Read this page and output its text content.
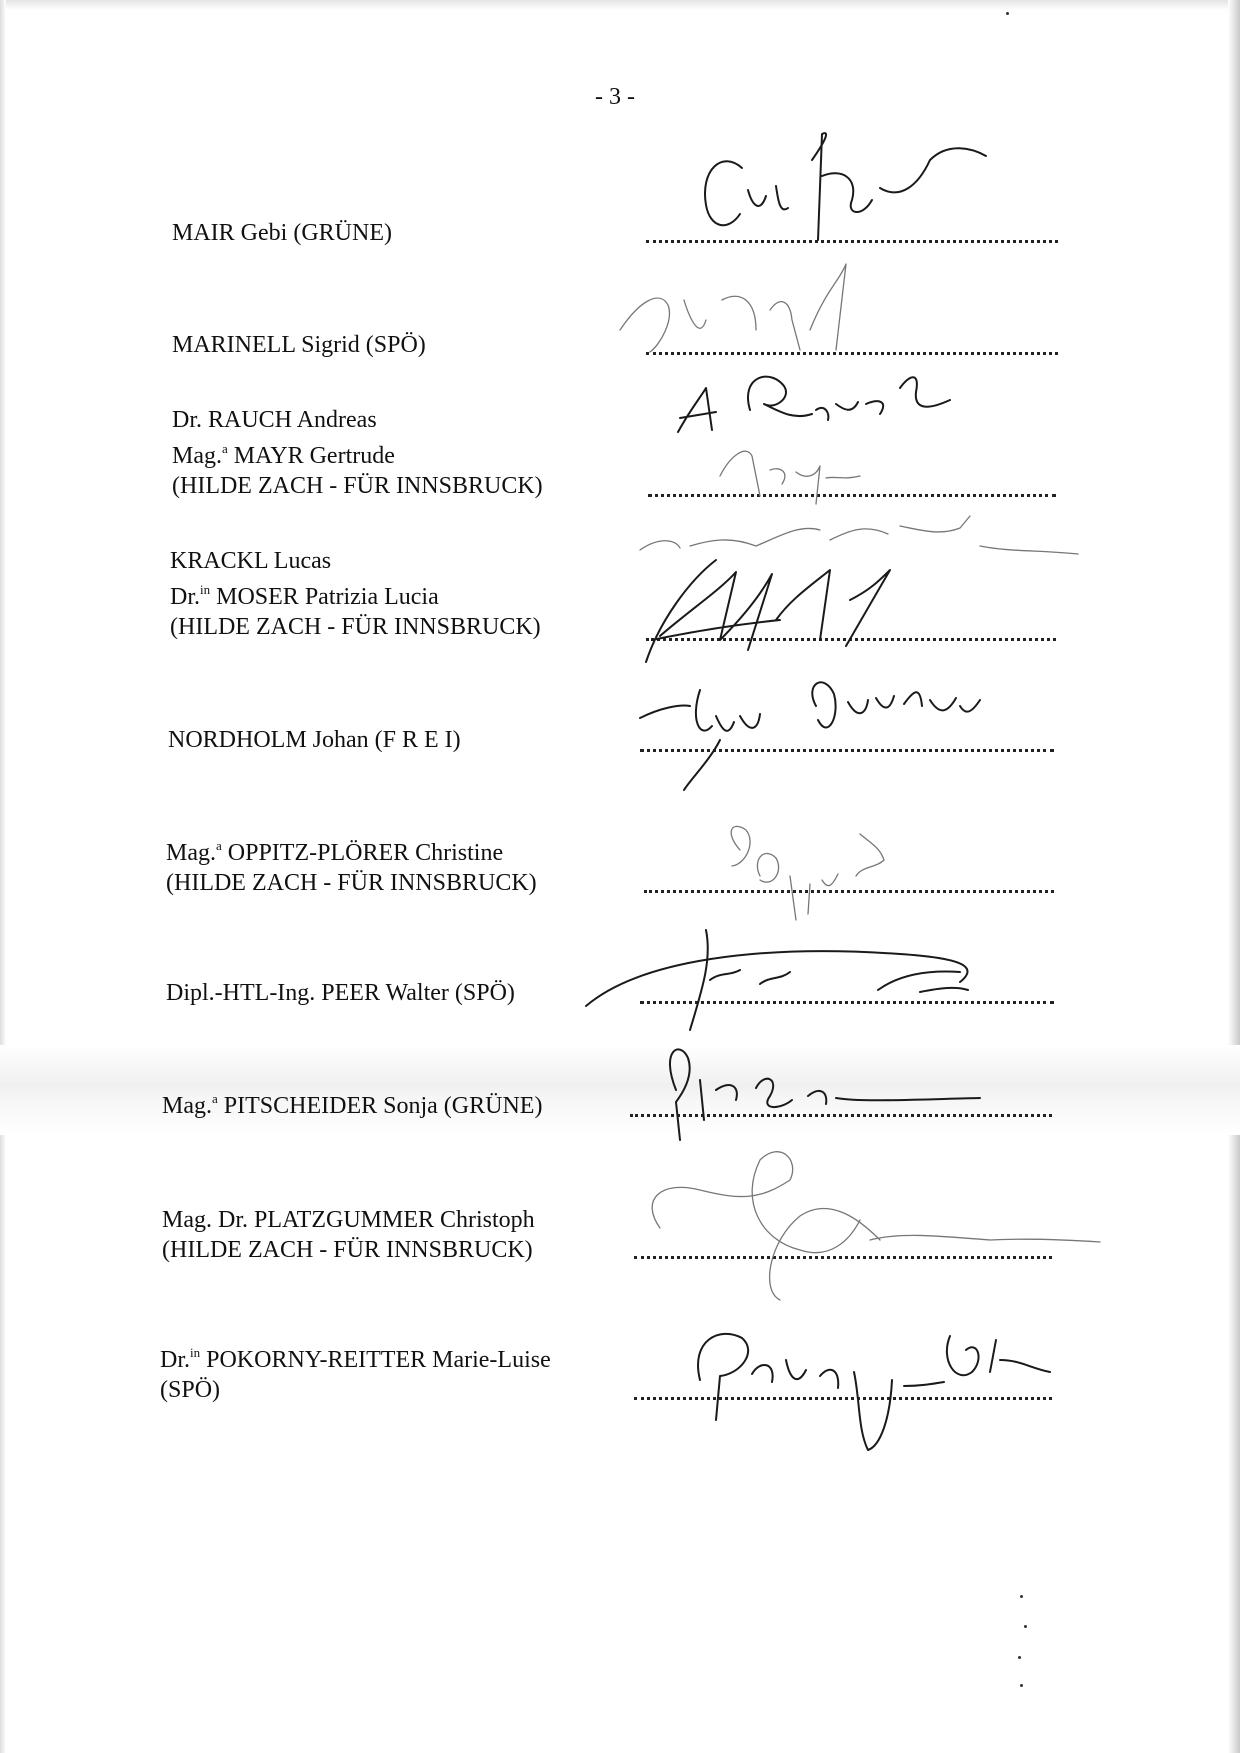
- 3 -
MAIR Gebi (GRÜNE)
MARINELL Sigrid (SPÖ)
Dr. RAUCH Andreas
Mag.$^a$ MAYR Gertrude
(HILDE ZACH - FÜR INNSBRUCK)
KRACKL Lucas
Dr.$^{in}$ MOSER Patrizia Lucia
(HILDE ZACH - FÜR INNSBRUCK)
NORDHOLM Johan (F R E I)
Mag.$^a$ OPPITZ-PLÖRER Christine
(HILDE ZACH - FÜR INNSBRUCK)
Dipl.-HTL-Ing. PEER Walter (SPÖ)
Mag.$^a$ PITSCHEIDER Sonja (GRÜNE)
Mag. Dr. PLATZGUMMER Christoph
(HILDE ZACH - FÜR INNSBRUCK)
Dr.$^{in}$ POKORNY-REITTER Marie-Luise
(SPÖ)
